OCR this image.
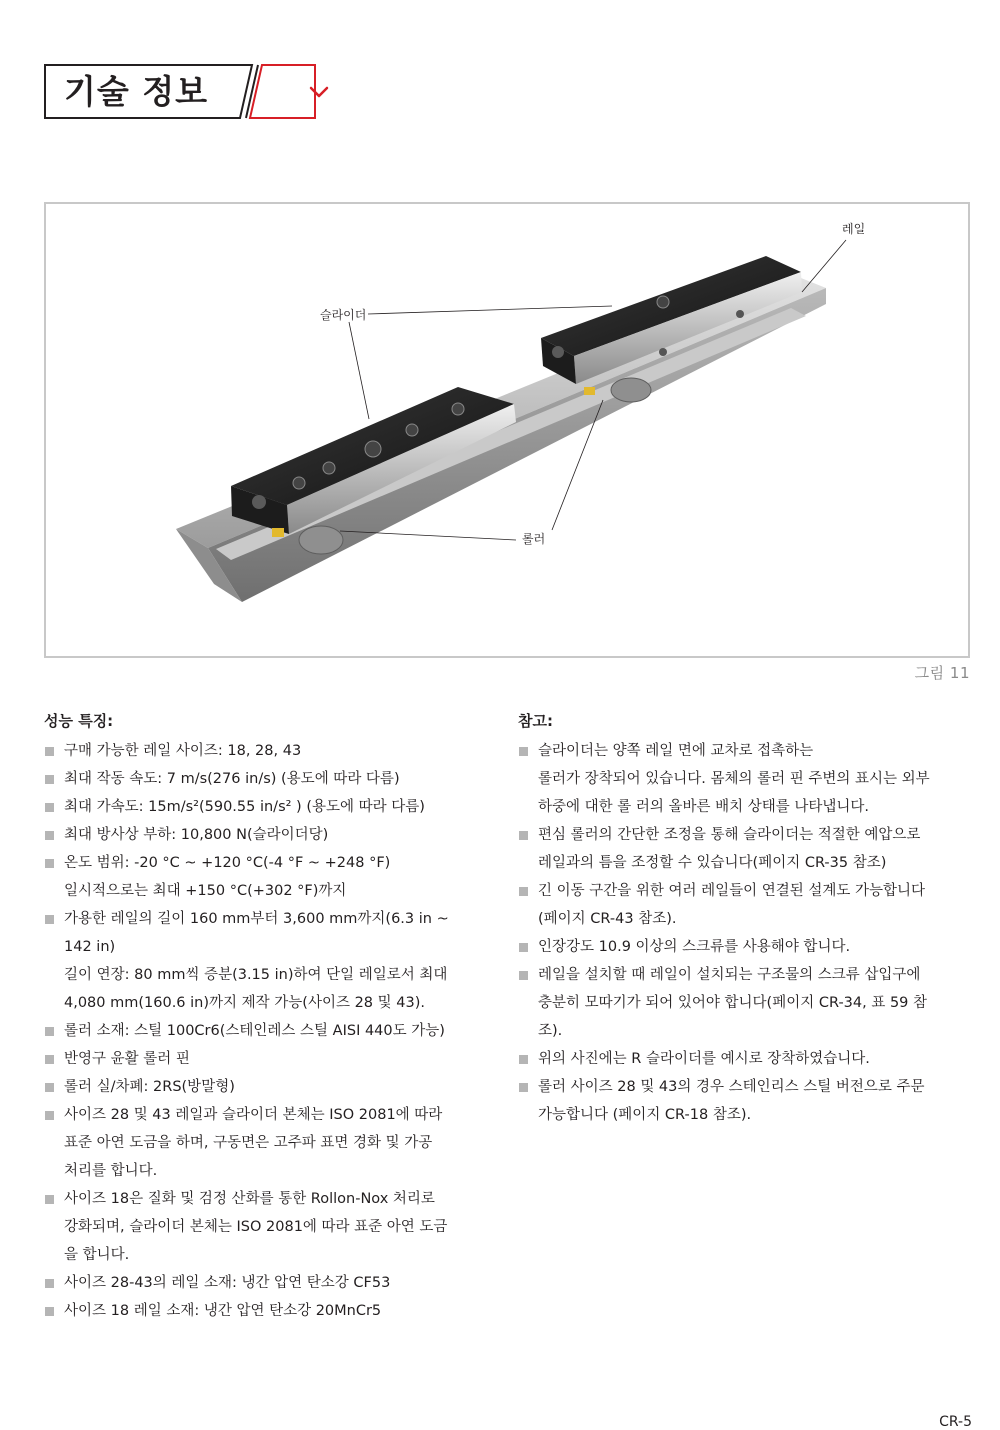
기술 정보
레일
슬라이더
롤러
그림 11
성능 특징:
구매 가능한 레일 사이즈: 18, 28, 43
최대 작동 속도: 7 m/s(276 in/s) (용도에 따라 다름)
최대 가속도: 15m/s²(590.55 in/s² ) (용도에 따라 다름)
최대 방사상 부하: 10,800 N(슬라이더당)
온도 범위: -20 °C ~ +120 °C(-4 °F ~ +248 °F)
일시적으로는 최대 +150 °C(+302 °F)까지
가용한 레일의 길이 160 mm부터 3,600 mm까지(6.3 in ~
142 in)
길이 연장: 80 mm씩 증분(3.15 in)하여 단일 레일로서 최대
4,080 mm(160.6 in)까지 제작 가능(사이즈 28 및 43).
롤러 소재: 스틸 100Cr6(스테인레스 스틸 AISI 440도 가능)
반영구 윤활 롤러 핀
롤러 실/차폐: 2RS(방말형)
사이즈 28 및 43 레일과 슬라이더 본체는 ISO 2081에 따라
표준 아연 도금을 하며, 구동면은 고주파 표면 경화 및 가공
처리를 합니다.
사이즈 18은 질화 및 검정 산화를 통한 Rollon-Nox 처리로
강화되며, 슬라이더 본체는 ISO 2081에 따라 표준 아연 도금
을 합니다.
사이즈 28-43의 레일 소재: 냉간 압연 탄소강 CF53
사이즈 18 레일 소재: 냉간 압연 탄소강 20MnCr5
참고:
슬라이더는 양쪽 레일 면에 교차로 접촉하는
롤러가 장착되어 있습니다. 몸체의 롤러 핀 주변의 표시는 외부
하중에 대한 롤 러의 올바른 배치 상태를 나타냅니다.
편심 롤러의 간단한 조정을 통해 슬라이더는 적절한 예압으로
레일과의 틈을 조정할 수 있습니다(페이지 CR-35 참조)
긴 이동 구간을 위한 여러 레일들이 연결된 설계도 가능합니다
(페이지 CR-43 참조).
인장강도 10.9 이상의 스크류를 사용해야 합니다.
레일을 설치할 때 레일이 설치되는 구조물의 스크류 삽입구에
충분히 모따기가 되어 있어야 합니다(페이지 CR-34, 표 59 참
조).
위의 사진에는 R 슬라이더를 예시로 장착하였습니다.
롤러 사이즈 28 및 43의 경우 스테인리스 스틸 버전으로 주문
가능합니다 (페이지 CR-18 참조).
CR-5
